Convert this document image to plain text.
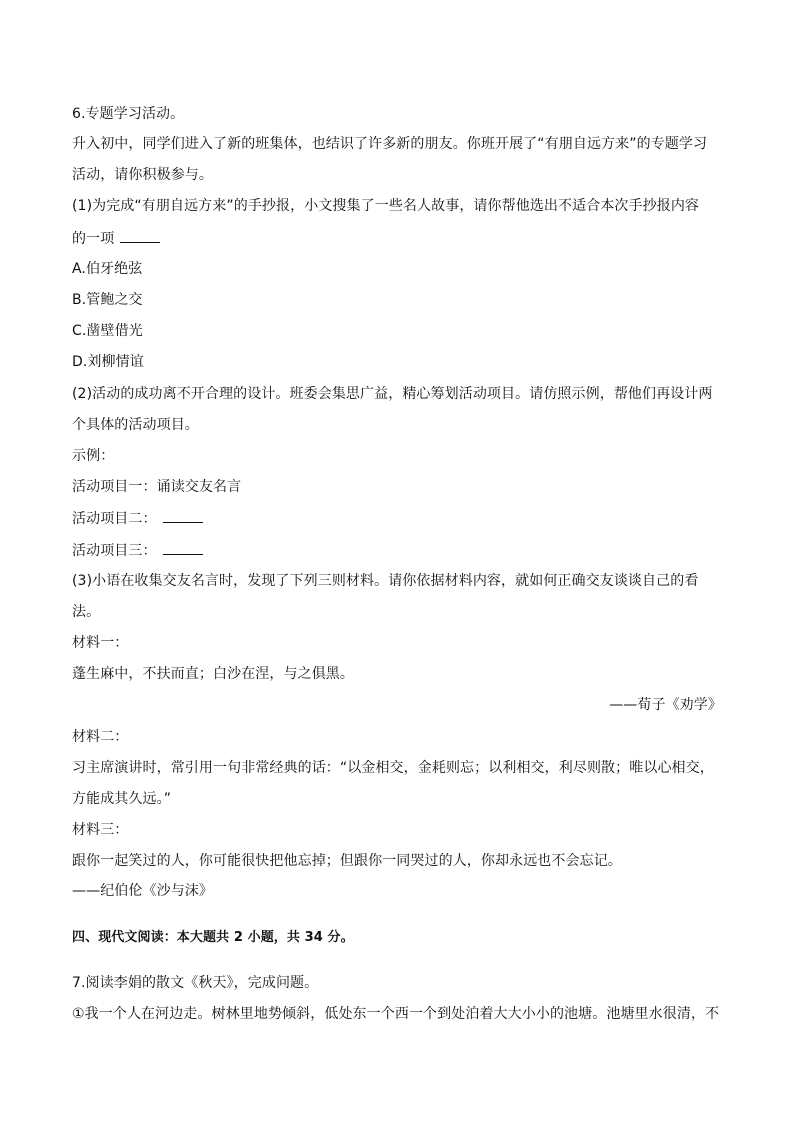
6.专题学习活动。
升入初中，同学们进入了新的班集体，也结识了许多新的朋友。你班开展了“有朋自远方来”的专题学习
活动，请你积极参与。
(1)为完成“有朋自远方来”的手抄报，小文搜集了一些名人故事，请你帮他选出不适合本次手抄报内容
的一项
A.伯牙绝弦
B.管鲍之交
C.凿壁借光
D.刘柳情谊
(2)活动的成功离不开合理的设计。班委会集思广益，精心筹划活动项目。请仿照示例，帮他们再设计两
个具体的活动项目。
示例：
活动项目一：诵读交友名言
活动项目二：
活动项目三：
(3)小语在收集交友名言时，发现了下列三则材料。请你依据材料内容，就如何正确交友谈谈自己的看
法。
材料一：
蓬生麻中，不扶而直；白沙在涅，与之俱黑。
——荀子《劝学》
材料二：
习主席演讲时，常引用一句非常经典的话：“以金相交，金耗则忘；以利相交，利尽则散；唯以心相交，
方能成其久远。”
材料三：
跟你一起笑过的人，你可能很快把他忘掉；但跟你一同哭过的人，你却永远也不会忘记。
——纪伯伦《沙与沫》
四、现代文阅读：本大题共 2 小题，共 34 分。
7.阅读李娟的散文《秋天》，完成问题。
①我一个人在河边走。树林里地势倾斜，低处东一个西一个到处泊着大大小小的池塘。池塘里水很清，不
